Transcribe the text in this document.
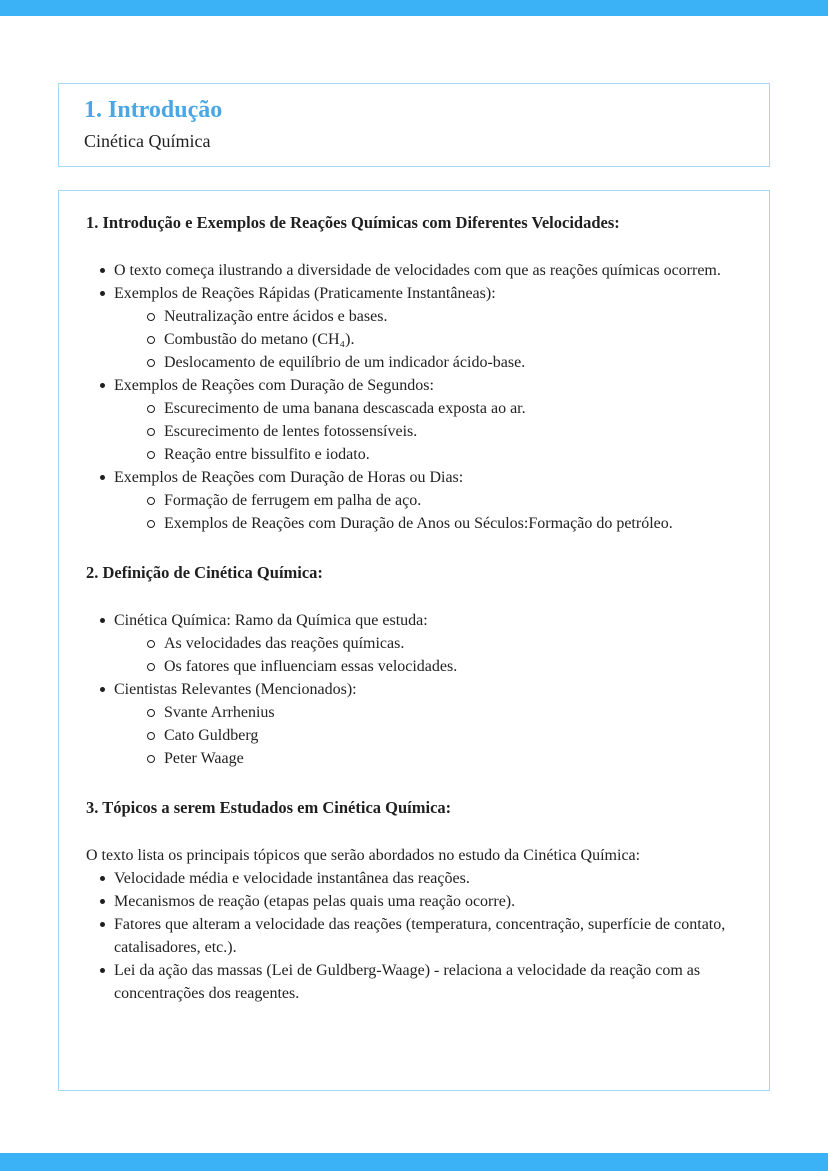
1. Introdução
Cinética Química
1. Introdução e Exemplos de Reações Químicas com Diferentes Velocidades:
O texto começa ilustrando a diversidade de velocidades com que as reações químicas ocorrem.
Exemplos de Reações Rápidas (Praticamente Instantâneas):
Neutralização entre ácidos e bases.
Combustão do metano (CH₄).
Deslocamento de equilíbrio de um indicador ácido-base.
Exemplos de Reações com Duração de Segundos:
Escurecimento de uma banana descascada exposta ao ar.
Escurecimento de lentes fotossensíveis.
Reação entre bissulfito e iodato.
Exemplos de Reações com Duração de Horas ou Dias:
Formação de ferrugem em palha de aço.
Exemplos de Reações com Duração de Anos ou Séculos:Formação do petróleo.
2. Definição de Cinética Química:
Cinética Química: Ramo da Química que estuda:
As velocidades das reações químicas.
Os fatores que influenciam essas velocidades.
Cientistas Relevantes (Mencionados):
Svante Arrhenius
Cato Guldberg
Peter Waage
3. Tópicos a serem Estudados em Cinética Química:

O texto lista os principais tópicos que serão abordados no estudo da Cinética Química:

Velocidade média e velocidade instantânea das reações.
Mecanismos de reação (etapas pelas quais uma reação ocorre).
Fatores que alteram a velocidade das reações (temperatura, concentração, superfície de contato, catalisadores, etc.).
Lei da ação das massas (Lei de Guldberg-Waage) - relaciona a velocidade da reação com as concentrações dos reagentes.
